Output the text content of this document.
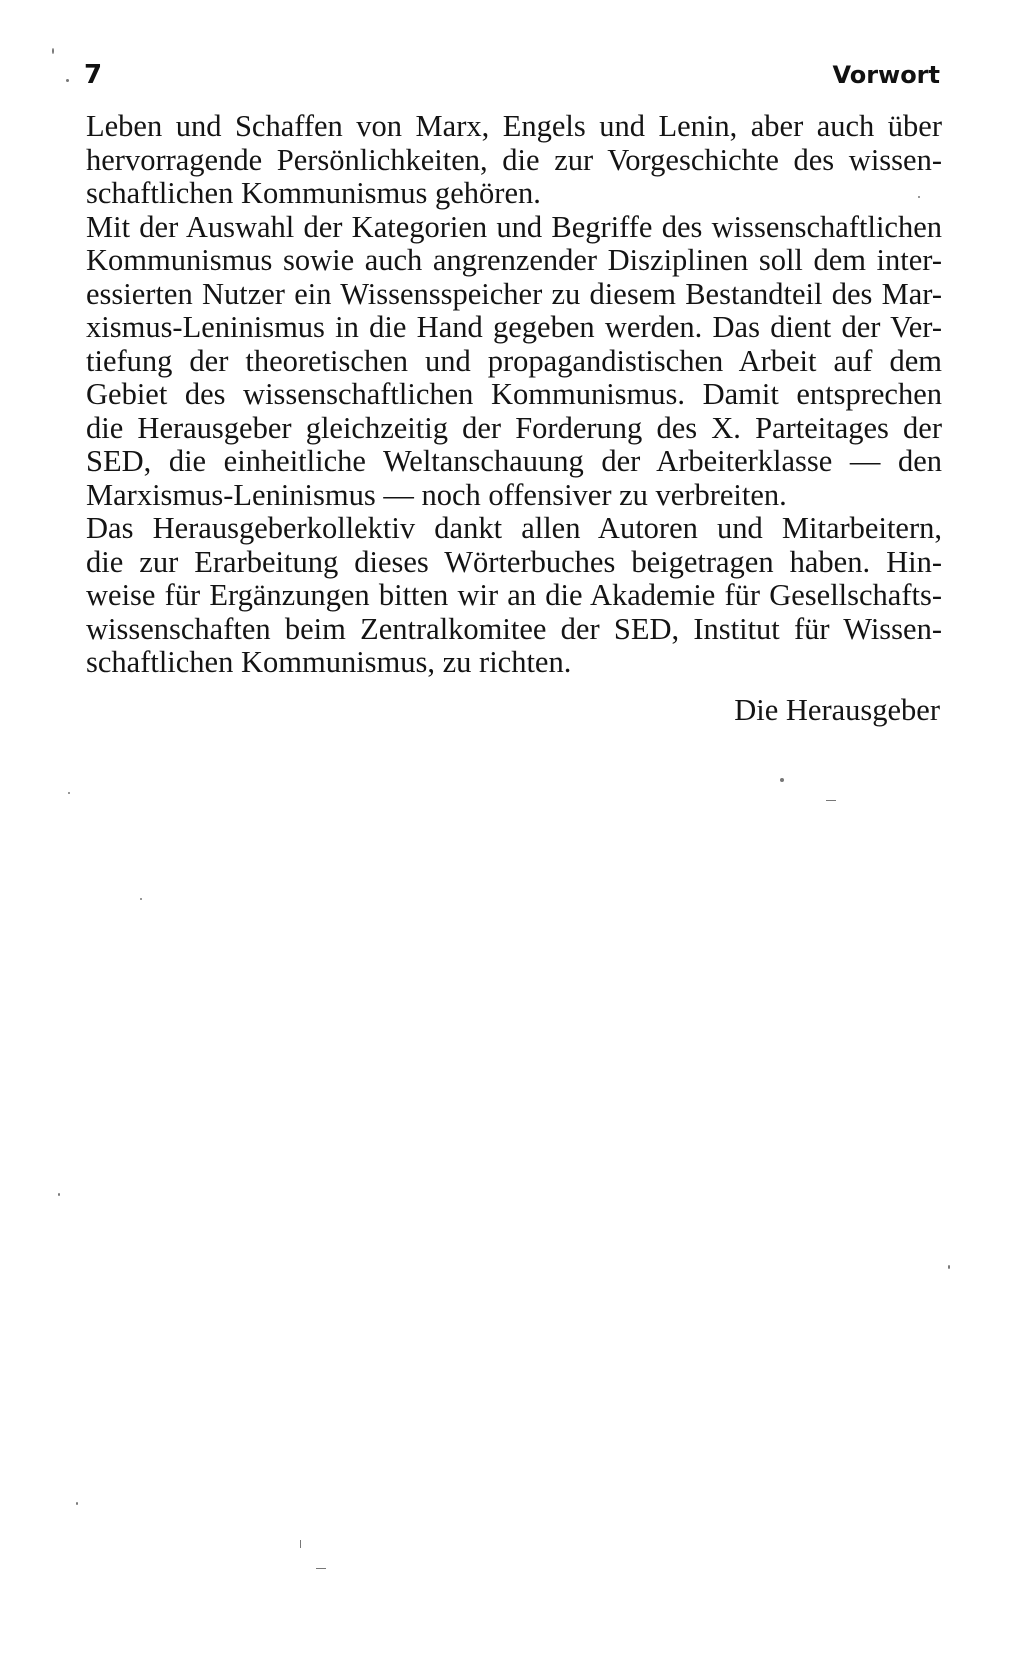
7	Vorwort
Leben und Schaffen von Marx, Engels und Lenin, aber auch über
hervorragende Persönlichkeiten, die zur Vorgeschichte des wissen-
schaftlichen Kommunismus gehören.
Mit der Auswahl der Kategorien und Begriffe des wissenschaftlichen
Kommunismus sowie auch angrenzender Disziplinen soll dem inter-
essierten Nutzer ein Wissensspeicher zu diesem Bestandteil des Mar-
xismus-Leninismus in die Hand gegeben werden. Das dient der Ver-
tiefung der theoretischen und propagandistischen Arbeit auf dem
Gebiet des wissenschaftlichen Kommunismus. Damit entsprechen
die Herausgeber gleichzeitig der Forderung des X. Parteitages der
SED, die einheitliche Weltanschauung der Arbeiterklasse — den
Marxismus-Leninismus — noch offensiver zu verbreiten.
Das Herausgeberkollektiv dankt allen Autoren und Mitarbeitern,
die zur Erarbeitung dieses Wörterbuches beigetragen haben. Hin-
weise für Ergänzungen bitten wir an die Akademie für Gesellschafts-
wissenschaften beim Zentralkomitee der SED, Institut für Wissen-
schaftlichen Kommunismus, zu richten.
Die Herausgeber
